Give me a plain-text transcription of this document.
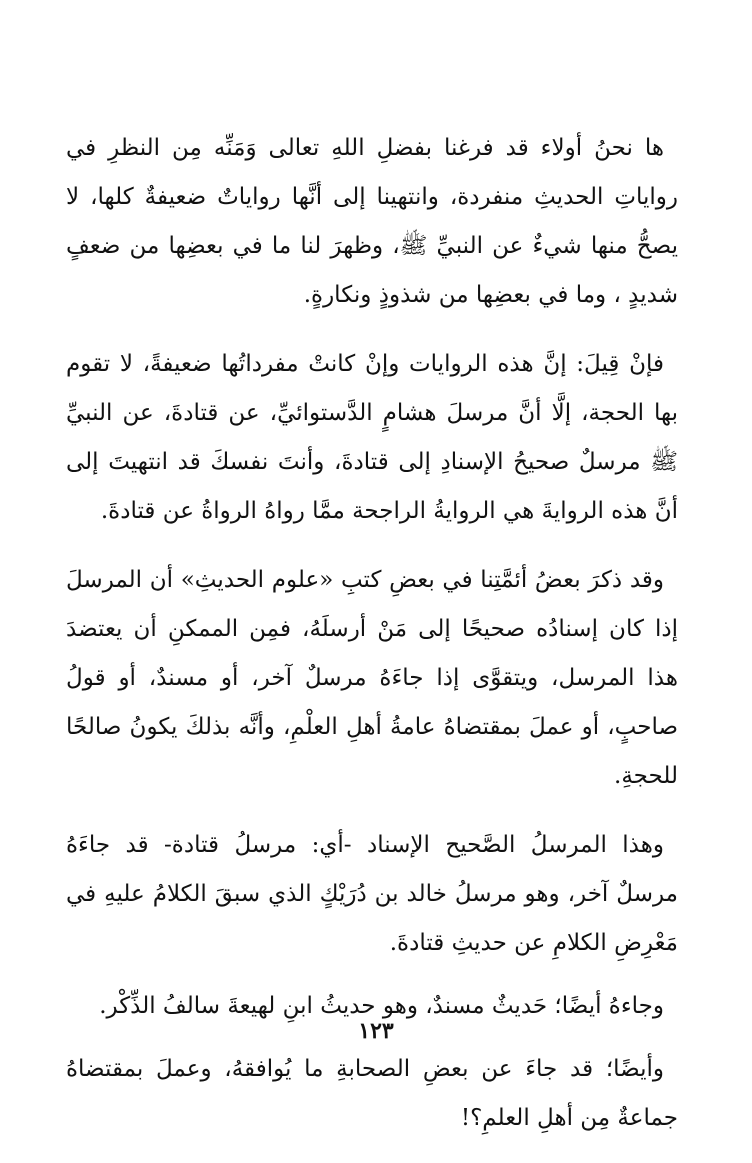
ها نحنُ أولاء قد فرغنا بفضلِ اللهِ تعالى وَمَنِّه مِن النظرِ في رواياتِ الحديثِ منفردة، وانتهينا إلى أنَّها رواياتٌ ضعيفةٌ كلها، لا يصحُّ منها شيءٌ عن النبيِّ ﷺ، وظهرَ لنا ما في بعضِها من ضعفٍ شديدٍ ، وما في بعضِها من شذوذٍ ونكارةٍ.

فإنْ قِيلَ: إنَّ هذه الروايات وإنْ كانتْ مفرداتُها ضعيفةً، لا تقوم بها الحجة، إلَّا أنَّ مرسلَ هشامٍ الدَّستوائيِّ، عن قتادةَ، عن النبيِّ ﷺ مرسلٌ صحيحُ الإسنادِ إلى قتادةَ، وأنتَ نفسكَ قد انتهيتَ إلى أنَّ هذه الروايةَ هي الروايةُ الراجحة ممَّا رواهُ الرواةُ عن قتادةَ.

وقد ذكرَ بعضُ أئمَّتِنا في بعضِ كتبِ «علوم الحديثِ» أن المرسلَ إذا كان إسنادُه صحيحًا إلى مَنْ أرسلَهُ، فمِن الممكنِ أن يعتضدَ هذا المرسل، ويتقوَّى إذا جاءَهُ مرسلٌ آخر، أو مسندٌ، أو قولُ صاحبٍ، أو عملَ بمقتضاهُ عامةُ أهلِ العلْمِ، وأنَّه بذلكَ يكونُ صالحًا للحجةِ.

وهذا المرسلُ الصَّحيح الإسناد -أي: مرسلُ قتادة- قد جاءَهُ مرسلٌ آخر، وهو مرسلُ خالد بن دُرَيْكٍ الذي سبقَ الكلامُ عليهِ في مَعْرِضِ الكلامِ عن حديثِ قتادةَ.

وجاءهُ أيضًا؛ حَديثٌ مسندٌ، وهو حديثُ ابنِ لهيعةَ سالفُ الذِّكْر.

وأيضًا؛ قد جاءَ عن بعضِ الصحابةِ ما يُوافقهُ، وعملَ بمقتضاهُ جماعةٌ مِن أهلِ العلمِ؟!

١٢٣
